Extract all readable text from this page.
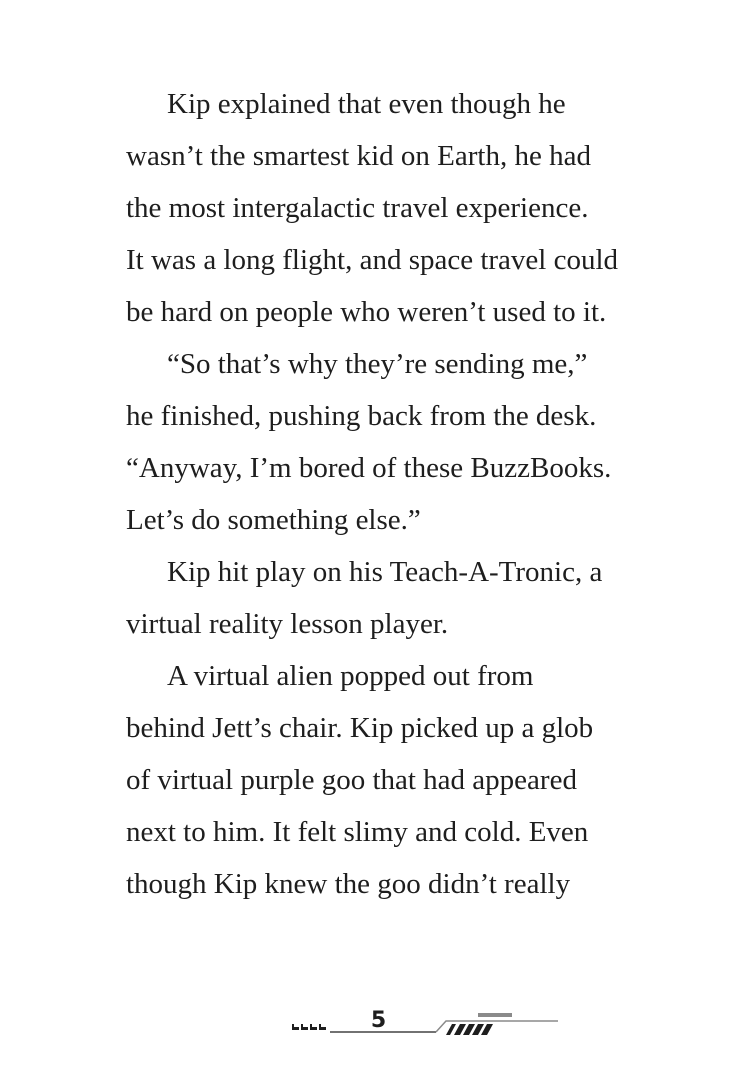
Kip explained that even though he
wasn’t the smartest kid on Earth, he had
the most intergalactic travel experience.
It was a long flight, and space travel could
be hard on people who weren’t used to it.
“So that’s why they’re sending me,”
he finished, pushing back from the desk.
“Anyway, I’m bored of these BuzzBooks.
Let’s do something else.”
Kip hit play on his Teach-A-Tronic, a
virtual reality lesson player.
A virtual alien popped out from
behind Jett’s chair. Kip picked up a glob
of virtual purple goo that had appeared
next to him. It felt slimy and cold. Even
though Kip knew the goo didn’t really
5
